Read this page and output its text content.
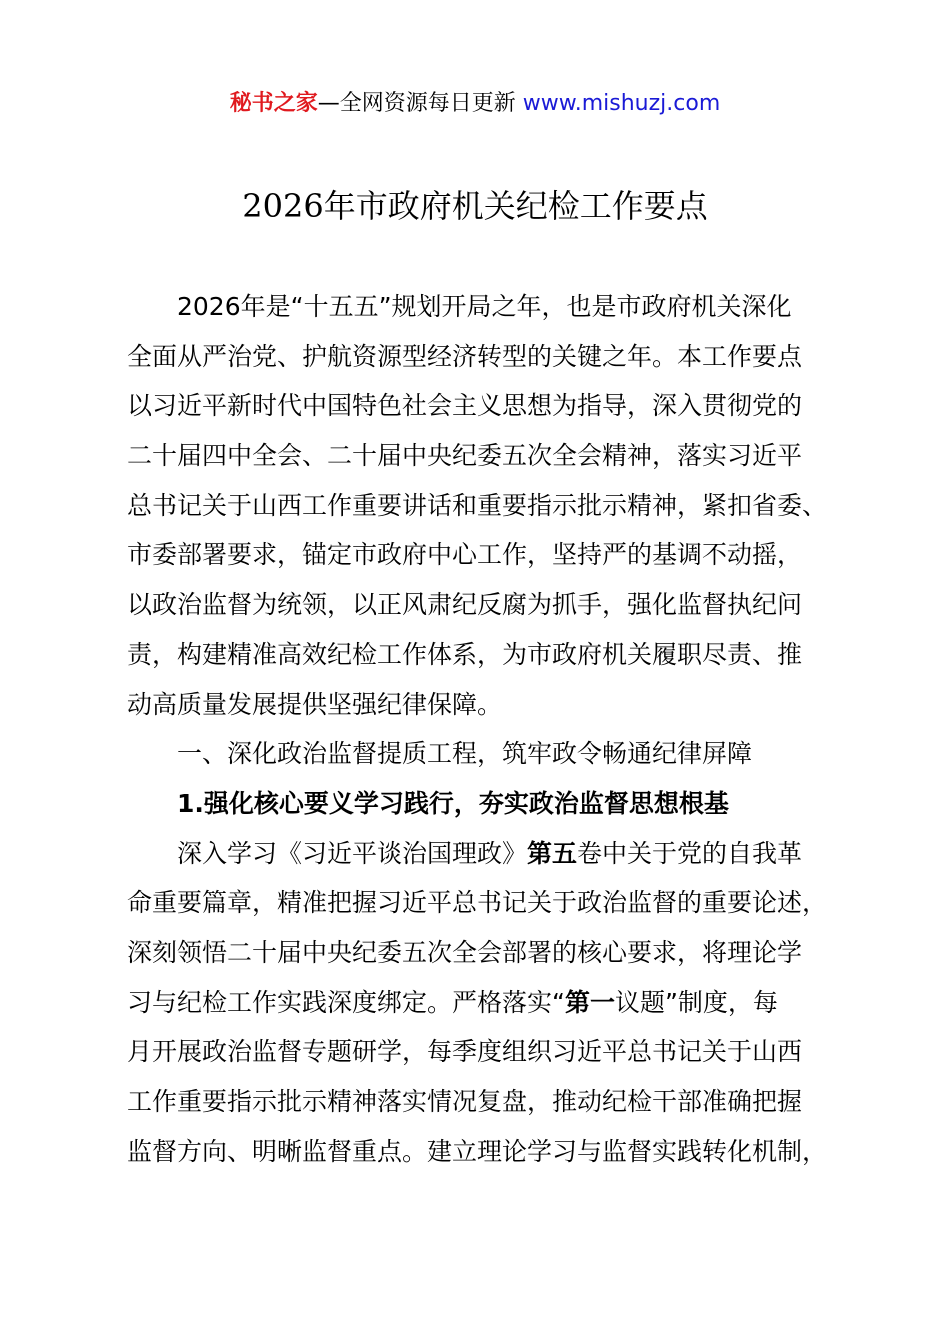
秘书之家—全网资源每日更新 www.mishuzj.com
2026年市政府机关纪检工作要点
2026年是“十五五”规划开局之年，也是市政府机关深化
全面从严治党、护航资源型经济转型的关键之年。本工作要点
以习近平新时代中国特色社会主义思想为指导，深入贯彻党的
二十届四中全会、二十届中央纪委五次全会精神，落实习近平
总书记关于山西工作重要讲话和重要指示批示精神，紧扣省委、
市委部署要求，锚定市政府中心工作，坚持严的基调不动摇，
以政治监督为统领，以正风肃纪反腐为抓手，强化监督执纪问
责，构建精准高效纪检工作体系，为市政府机关履职尽责、推
动高质量发展提供坚强纪律保障。
一、深化政治监督提质工程，筑牢政令畅通纪律屏障
1.强化核心要义学习践行，夯实政治监督思想根基
深入学习《习近平谈治国理政》第五卷中关于党的自我革
命重要篇章，精准把握习近平总书记关于政治监督的重要论述，
深刻领悟二十届中央纪委五次全会部署的核心要求，将理论学
习与纪检工作实践深度绑定。严格落实“第一议题”制度，每
月开展政治监督专题研学，每季度组织习近平总书记关于山西
工作重要指示批示精神落实情况复盘，推动纪检干部准确把握
监督方向、明晰监督重点。建立理论学习与监督实践转化机制，
